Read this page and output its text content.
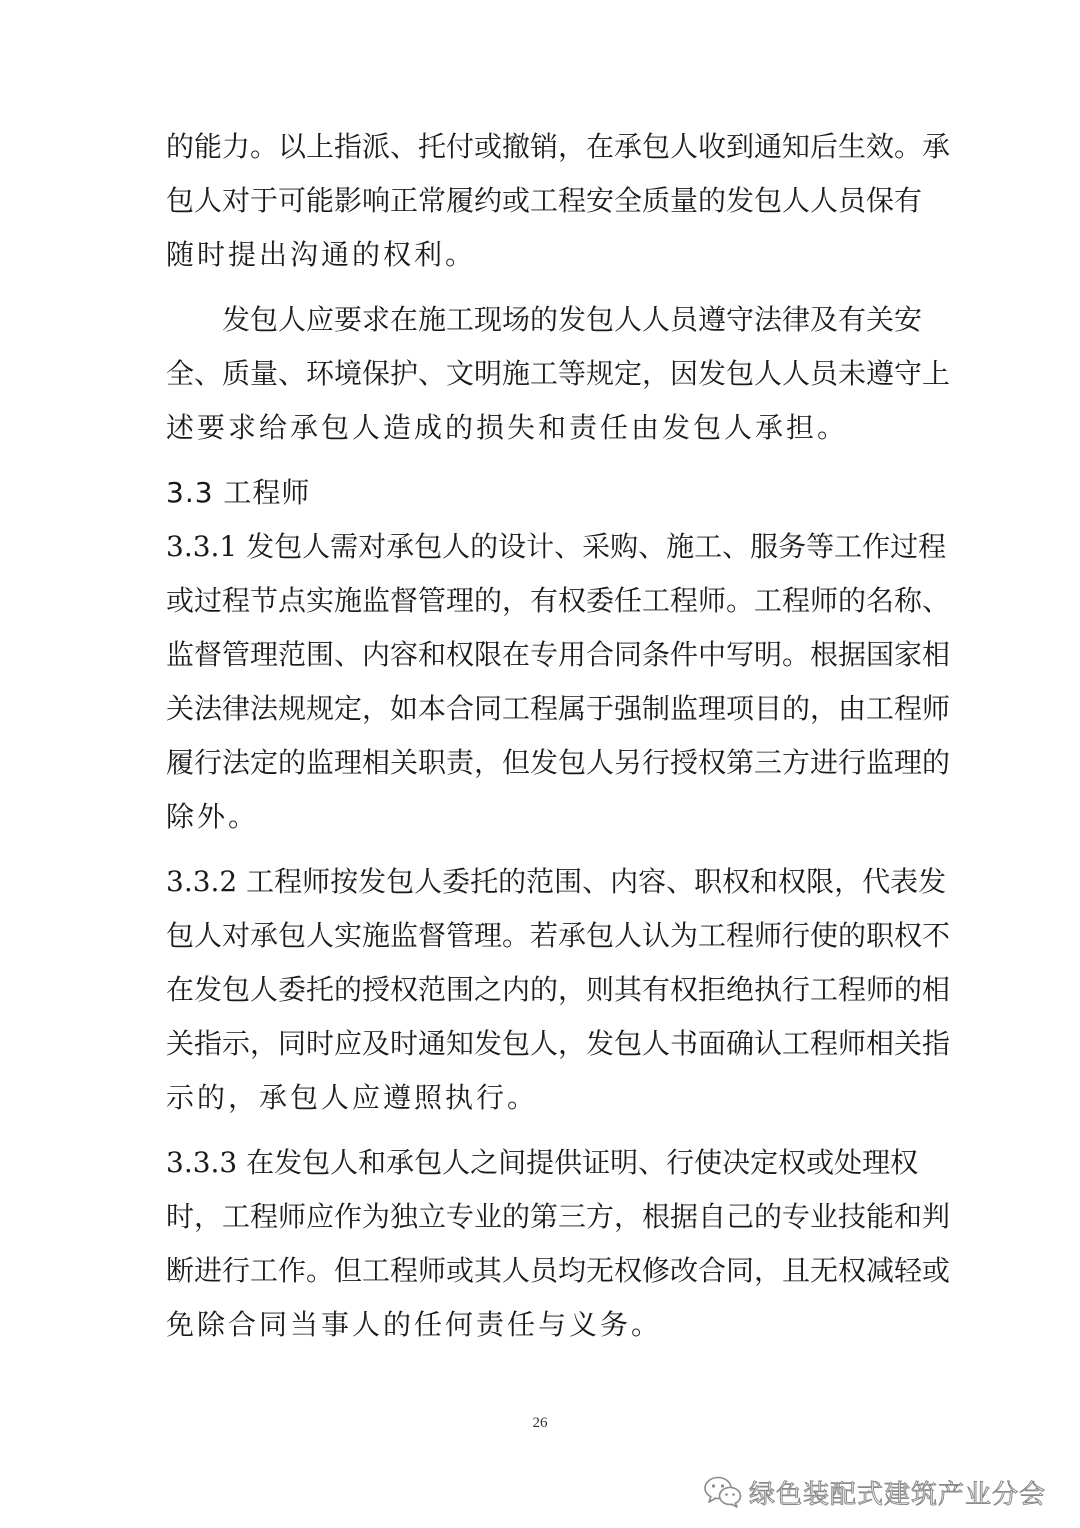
的能力。以上指派、托付或撤销，在承包人收到通知后生效。承
包人对于可能影响正常履约或工程安全质量的发包人人员保有
随时提出沟通的权利。
发包人应要求在施工现场的发包人人员遵守法律及有关安
全、质量、环境保护、文明施工等规定，因发包人人员未遵守上
述要求给承包人造成的损失和责任由发包人承担。
3.3 工程师
3.3.1 发包人需对承包人的设计、采购、施工、服务等工作过程
或过程节点实施监督管理的，有权委任工程师。工程师的名称、
监督管理范围、内容和权限在专用合同条件中写明。根据国家相
关法律法规规定，如本合同工程属于强制监理项目的，由工程师
履行法定的监理相关职责，但发包人另行授权第三方进行监理的
除外。
3.3.2 工程师按发包人委托的范围、内容、职权和权限，代表发
包人对承包人实施监督管理。若承包人认为工程师行使的职权不
在发包人委托的授权范围之内的，则其有权拒绝执行工程师的相
关指示，同时应及时通知发包人，发包人书面确认工程师相关指
示的，承包人应遵照执行。
3.3.3 在发包人和承包人之间提供证明、行使决定权或处理权
时，工程师应作为独立专业的第三方，根据自己的专业技能和判
断进行工作。但工程师或其人员均无权修改合同，且无权减轻或
免除合同当事人的任何责任与义务。
26
绿色装配式建筑产业分会
